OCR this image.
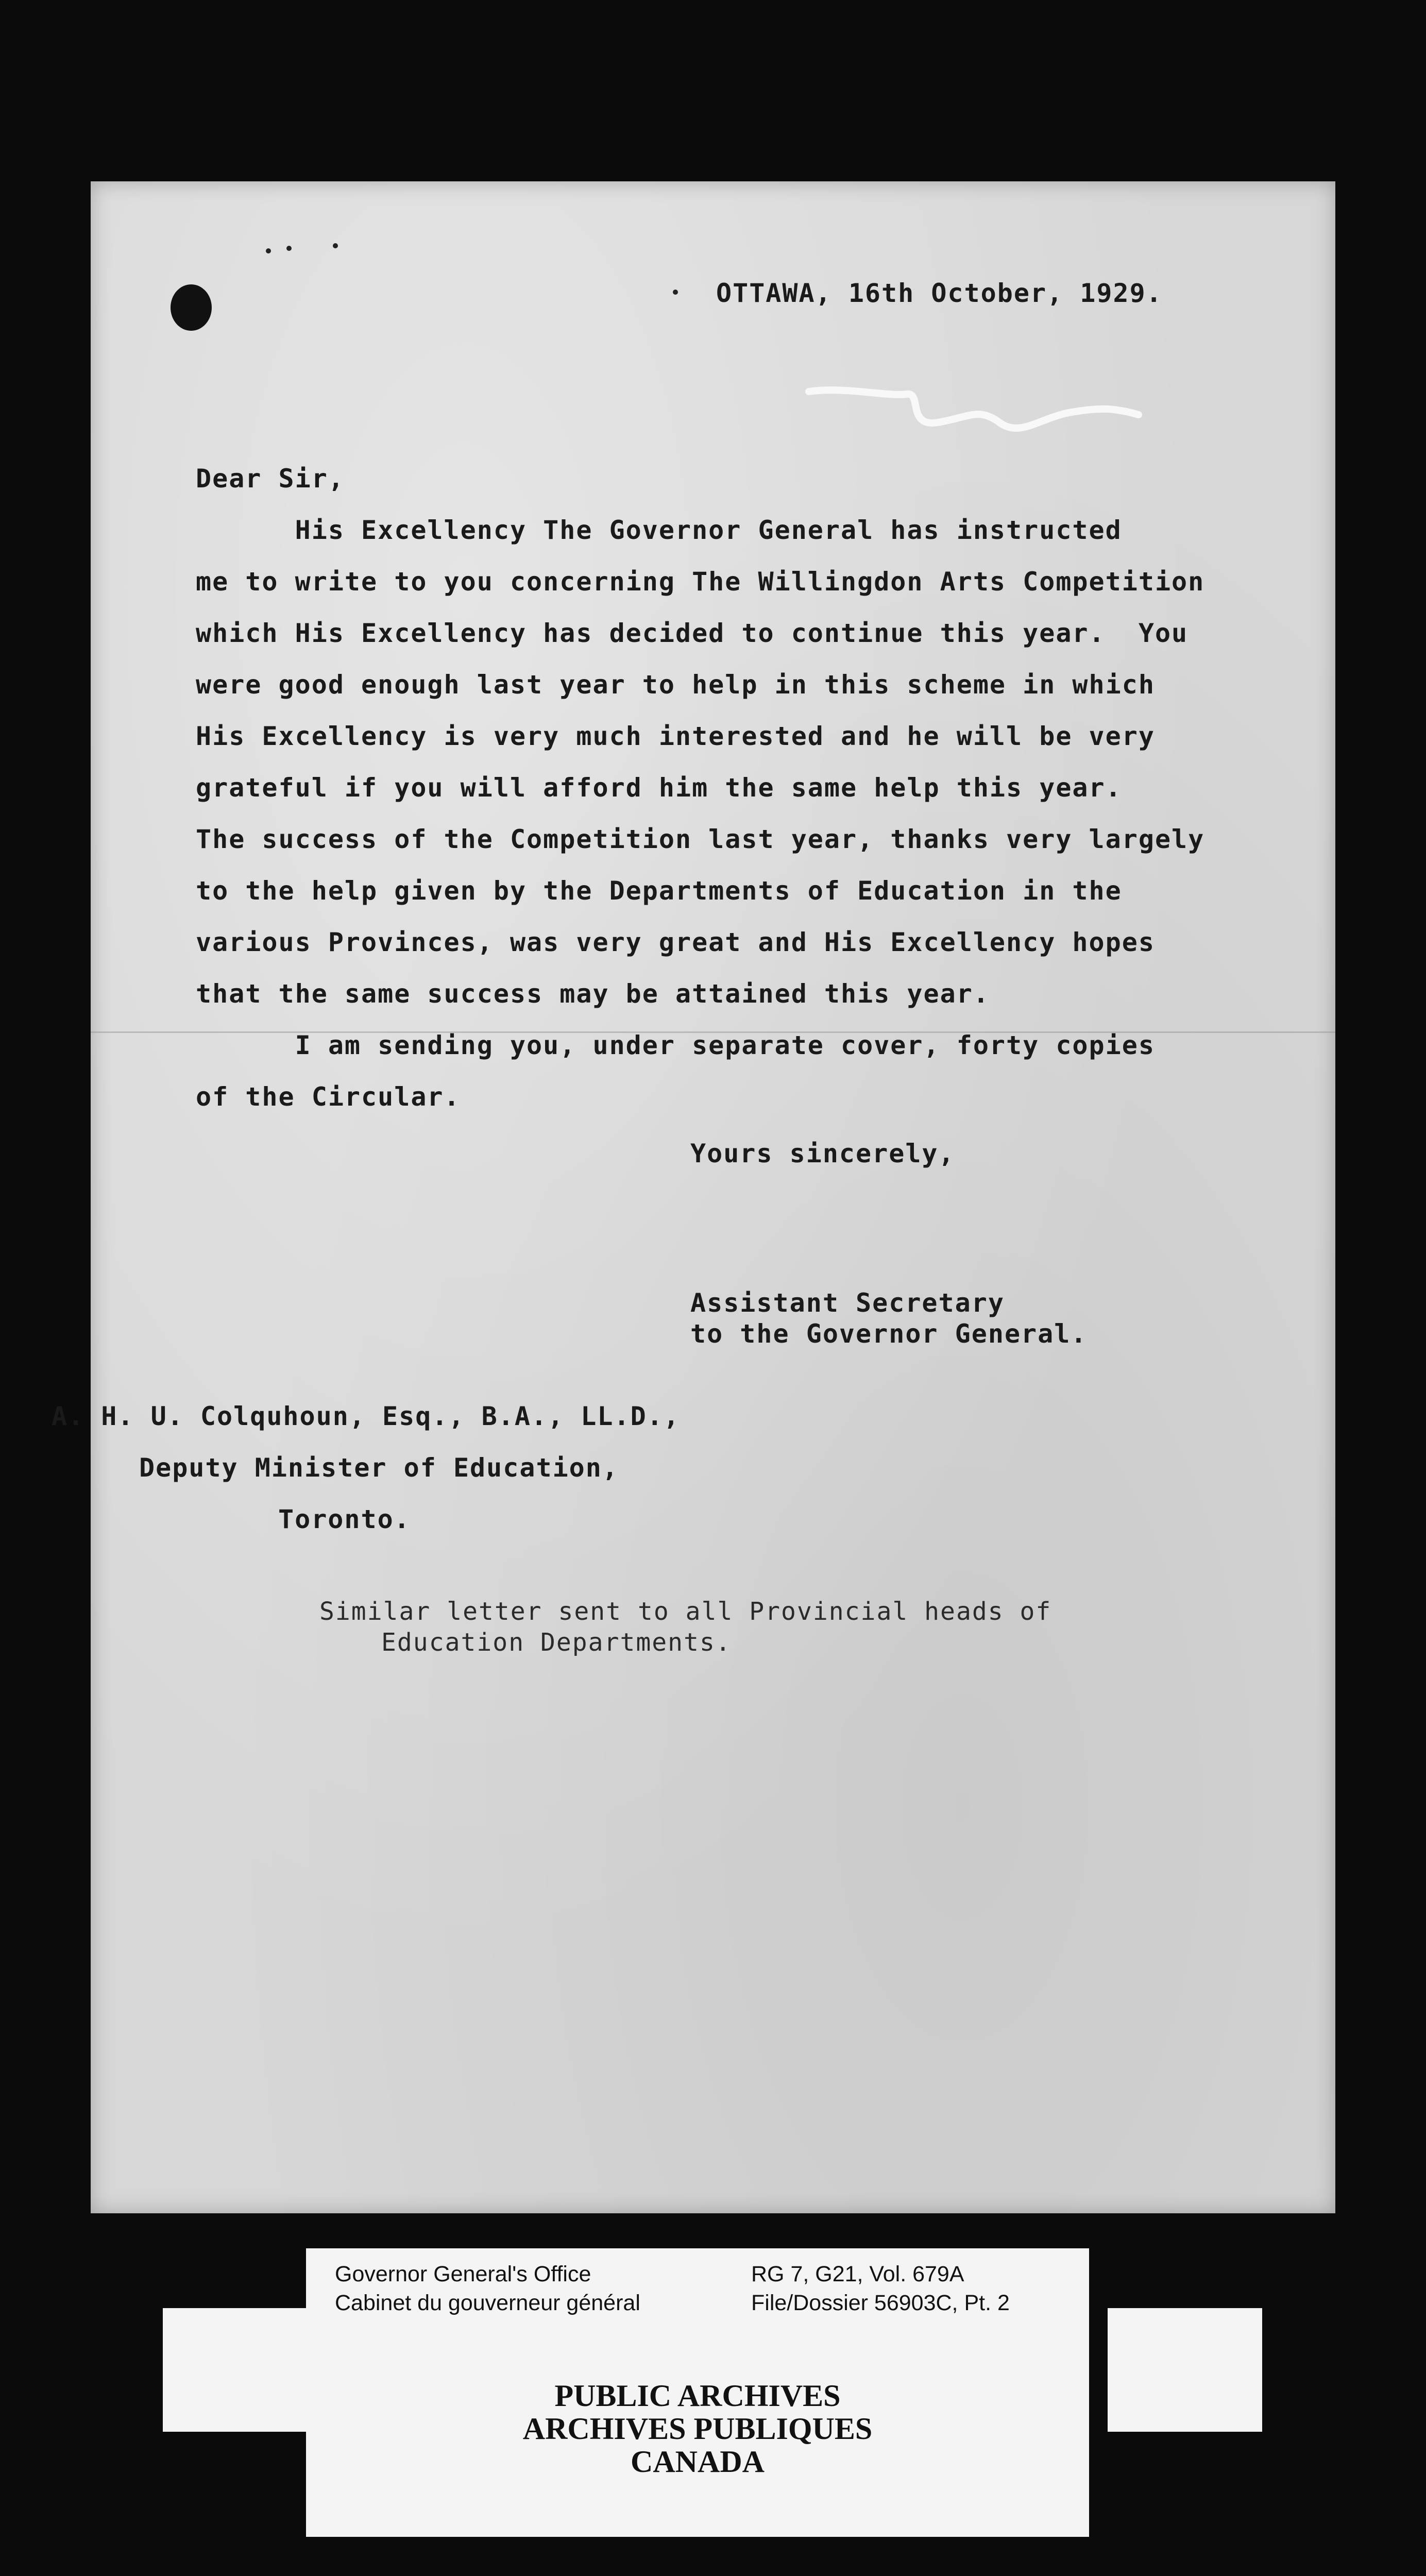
OTTAWA, 16th October, 1929.

Dear Sir,

His Excellency The Governor General has instructed

me to write to you concerning The Willingdon Arts Competition

which His Excellency has decided to continue this year.  You

were good enough last year to help in this scheme in which

His Excellency is very much interested and he will be very

grateful if you will afford him the same help this year.

The success of the Competition last year, thanks very largely

to the help given by the Departments of Education in the

various Provinces, was very great and His Excellency hopes

that the same success may be attained this year.

I am sending you, under separate cover, forty copies

of the Circular.

Yours sincerely,

Assistant Secretary

to the Governor General.

A. H. U. Colquhoun, Esq., B.A., LL.D.,

Deputy Minister of Education,

Toronto.

Similar letter sent to all Provincial heads of

Education Departments.

Governor General's Office

Cabinet du gouverneur général

RG 7, G21, Vol. 679A

File/Dossier 56903C, Pt. 2

PUBLIC ARCHIVES

ARCHIVES PUBLIQUES

CANADA
